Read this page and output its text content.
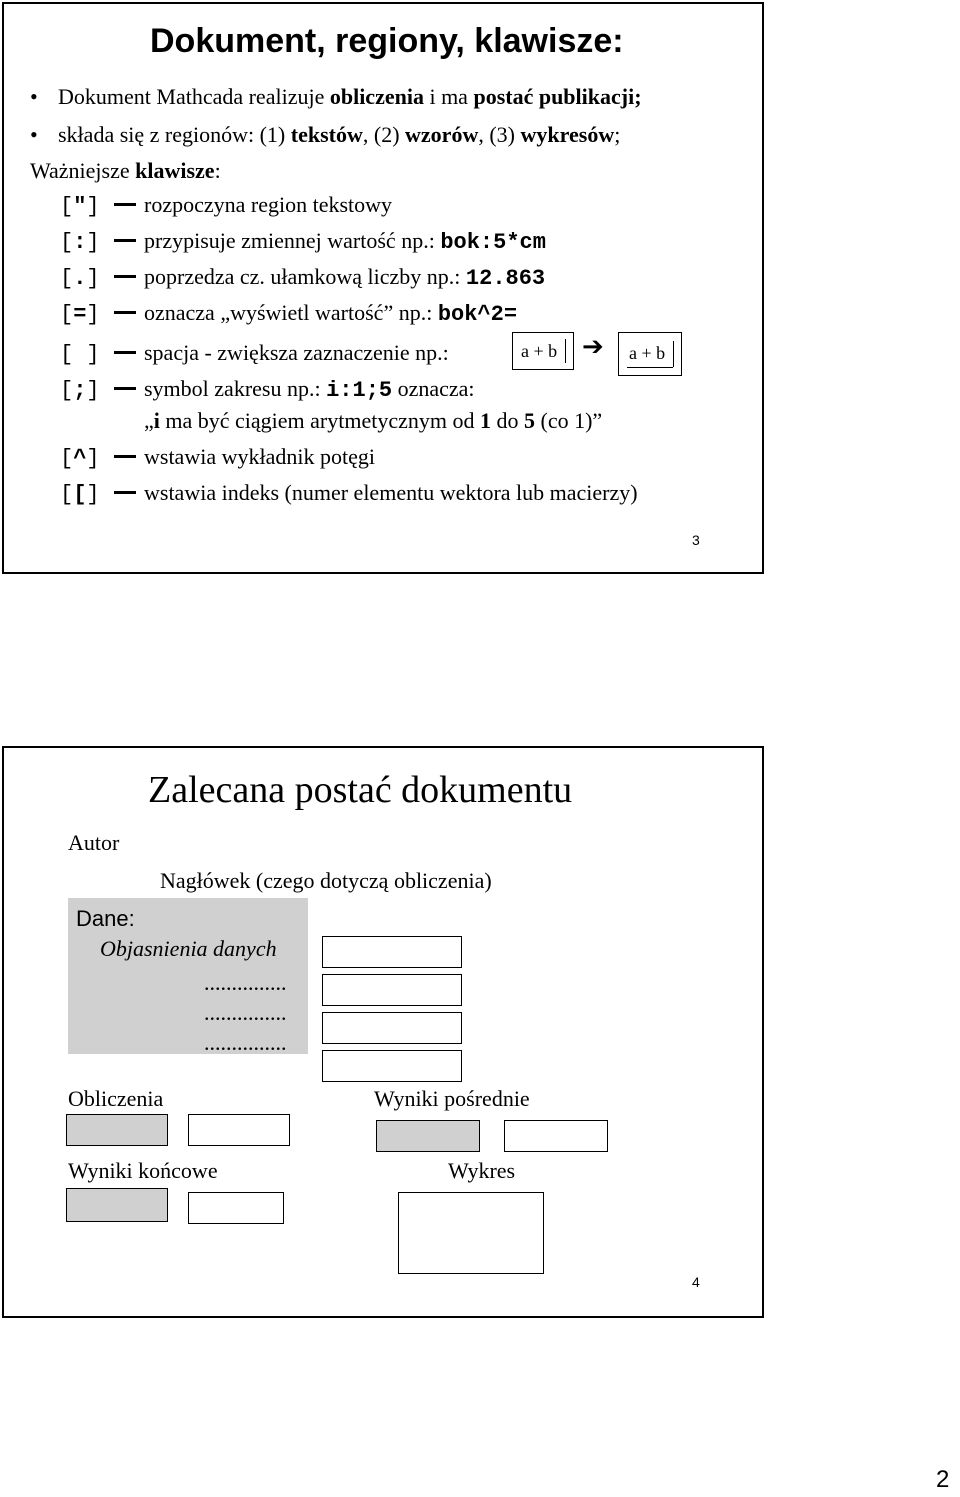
Dokument, regiony, klawisze:
• Dokument Mathcada realizuje obliczenia i ma postać publikacji;
• składa się z regionów: (1) tekstów, (2) wzorów, (3) wykresów;
Ważniejsze klawisze:
["] rozpoczyna region tekstowy
[:] przypisuje zmiennej wartość np.: bok:5*cm
[.] poprzedza cz. ułamkową liczby np.: 12.863
[=] oznacza „wyświetl wartość” np.: bok^2=
[ ] spacja - zwiększa zaznaczenie np.:	a + b ➔ a + b
[;] symbol zakresu np.: i:1;5 oznacza:
„i ma być ciągiem arytmetycznym od 1 do 5 (co 1)”
[^] wstawia wykładnik potęgi
[[] wstawia indeks (numer elementu wektora lub macierzy)
3
Zalecana postać dokumentu
Autor
Nagłówek (czego dotyczą obliczenia)
Dane:
Objasnienia danych
...............
...............
...............
Obliczenia	Wyniki pośrednie
Wyniki końcowe	Wykres
4
2
